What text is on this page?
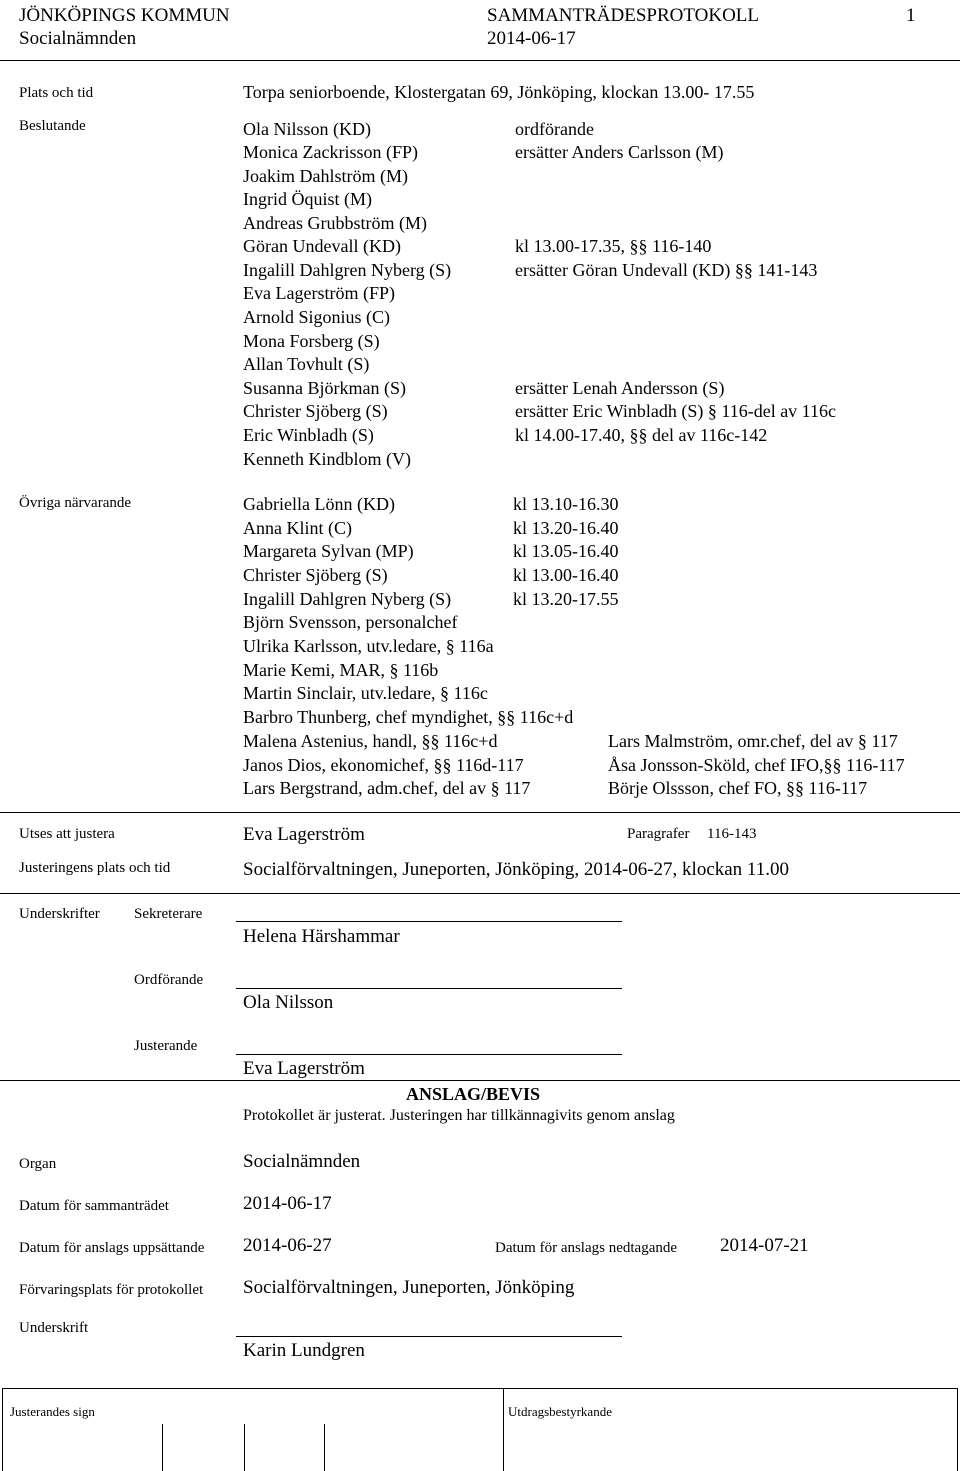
JÖNKÖPINGS KOMMUN
Socialnämnden
SAMMANTRÄDESPROTOKOLL
2014-06-17
1
Plats och tid	Torpa seniorboende, Klostergatan 69, Jönköping, klockan 13.00- 17.55
Beslutande	Ola Nilsson (KD)	ordförande
Monica Zackrisson (FP)	ersätter Anders Carlsson (M)
Joakim Dahlström (M)
Ingrid Öquist (M)
Andreas Grubbström (M)
Göran Undevall (KD)	kl 13.00-17.35, §§ 116-140
Ingalill Dahlgren Nyberg (S)	ersätter Göran Undevall (KD) §§ 141-143
Eva Lagerström (FP)
Arnold Sigonius (C)
Mona Forsberg (S)
Allan Tovhult (S)
Susanna Björkman (S)	ersätter Lenah Andersson (S)
Christer Sjöberg (S)	ersätter Eric Winbladh (S) § 116-del av 116c
Eric Winbladh (S)	kl 14.00-17.40, §§ del av 116c-142
Kenneth Kindblom (V)
Övriga närvarande	Gabriella Lönn (KD)	kl 13.10-16.30
Anna Klint (C)	kl 13.20-16.40
Margareta Sylvan (MP)	kl 13.05-16.40
Christer Sjöberg (S)	kl 13.00-16.40
Ingalill Dahlgren Nyberg (S)	kl 13.20-17.55
Björn Svensson, personalchef
Ulrika Karlsson, utv.ledare, § 116a
Marie Kemi, MAR, § 116b
Martin Sinclair, utv.ledare, § 116c
Barbro Thunberg, chef myndighet, §§ 116c+d
Malena Astenius, handl, §§ 116c+d	Lars Malmström, omr.chef, del av § 117
Janos Dios, ekonomichef, §§ 116d-117	Åsa Jonsson-Sköld, chef IFO,§§ 116-117
Lars Bergstrand, adm.chef, del av § 117	Börje Olssson, chef FO, §§ 116-117
Utses att justera	Eva Lagerström	Paragrafer 116-143
Justeringens plats och tid	Socialförvaltningen, Juneporten, Jönköping, 2014-06-27, klockan 11.00
Underskrifter Sekreterare
Helena Härshammar
Ordförande
Ola Nilsson
Justerande
Eva Lagerström
ANSLAG/BEVIS
Protokollet är justerat. Justeringen har tillkännagivits genom anslag
Organ	Socialnämnden
Datum för sammanträdet	2014-06-17
Datum för anslags uppsättande 2014-06-27	Datum för anslags nedtagande 2014-07-21
Förvaringsplats för protokollet Socialförvaltningen, Juneporten, Jönköping
Underskrift
Karin Lundgren
Justerandes sign	Utdragsbestyrkande
